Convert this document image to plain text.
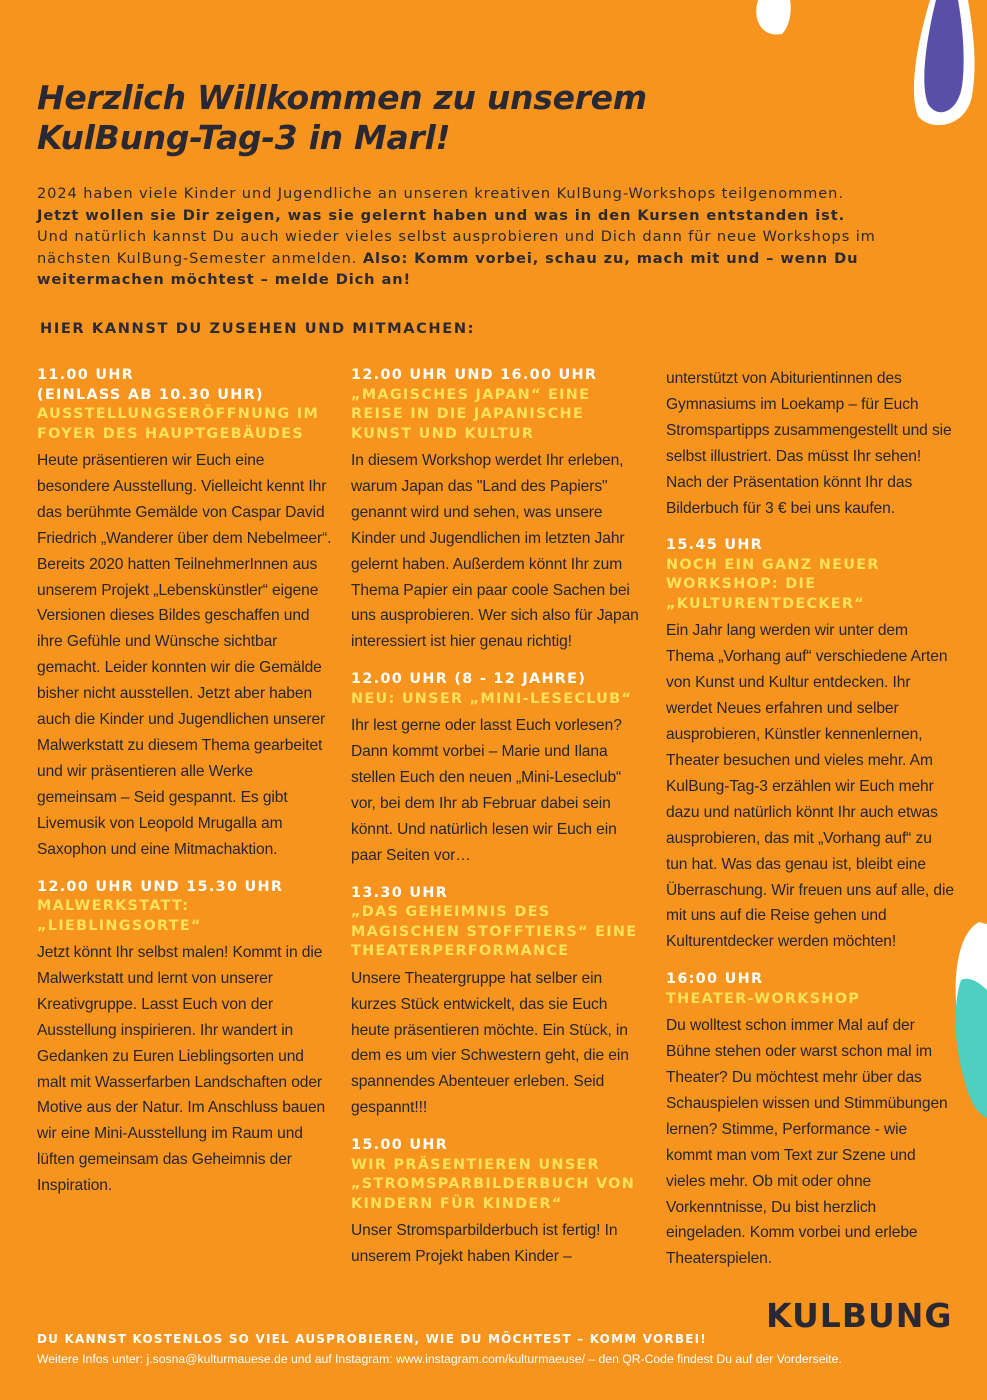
Herzlich Willkommen zu unserem
KulBung-Tag-3 in Marl!

2024 haben viele Kinder und Jugendliche an unseren kreativen KulBung-Workshops teilgenommen.

Jetzt wollen sie Dir zeigen, was sie gelernt haben und was in den Kursen entstanden ist.

Und natürlich kannst Du auch wieder vieles selbst ausprobieren und Dich dann für neue Workshops im nächsten KulBung-Semester anmelden. Also: Komm vorbei, schau zu, mach mit und – wenn Du weitermachen möchtest – melde Dich an!

HIER KANNST DU ZUSEHEN UND MITMACHEN:

11.00 UHR
(EINLASS AB 10.30 UHR)

AUSSTELLUNGSERÖFFNUNG IM FOYER DES HAUPTGEBÄUDES

Heute präsentieren wir Euch eine besondere Ausstellung. Vielleicht kennt Ihr das berühmte Gemälde von Caspar David Friedrich „Wanderer über dem Nebelmeer“. Bereits 2020 hatten TeilnehmerInnen aus unserem Projekt „Lebenskünstler“ eigene Versionen dieses Bildes geschaffen und ihre Gefühle und Wünsche sichtbar gemacht. Leider konnten wir die Gemälde bisher nicht ausstellen. Jetzt aber haben auch die Kinder und Jugendlichen unserer Malwerkstatt zu diesem Thema gearbeitet und wir präsentieren alle Werke gemeinsam – Seid gespannt. Es gibt Livemusik von Leopold Mrugalla am Saxophon und eine Mitmachaktion.

12.00 UHR UND 15.30 UHR

MALWERKSTATT: „LIEBLINGSORTE“

Jetzt könnt Ihr selbst malen! Kommt in die Malwerkstatt und lernt von unserer Kreativgruppe. Lasst Euch von der Ausstellung inspirieren. Ihr wandert in Gedanken zu Euren Lieblingsorten und malt mit Wasserfarben Landschaften oder Motive aus der Natur. Im Anschluss bauen wir eine Mini-Ausstellung im Raum und lüften gemeinsam das Geheimnis der Inspiration.

12.00 UHR UND 16.00 UHR

„MAGISCHES JAPAN“ EINE REISE IN DIE JAPANISCHE KUNST UND KULTUR

In diesem Workshop werdet Ihr erleben, warum Japan das "Land des Papiers" genannt wird und sehen, was unsere Kinder und Jugendlichen im letzten Jahr gelernt haben. Außerdem könnt Ihr zum Thema Papier ein paar coole Sachen bei uns ausprobieren. Wer sich also für Japan interessiert ist hier genau richtig!

12.00 UHR (8 - 12 JAHRE)

NEU: UNSER „MINI-LESECLUB“

Ihr lest gerne oder lasst Euch vorlesen? Dann kommt vorbei – Marie und Ilana stellen Euch den neuen „Mini-Leseclub“ vor, bei dem Ihr ab Februar dabei sein könnt. Und natürlich lesen wir Euch ein paar Seiten vor…

13.30 UHR

„DAS GEHEIMNIS DES MAGISCHEN STOFFTIERS“ EINE THEATERPERFORMANCE

Unsere Theatergruppe hat selber ein kurzes Stück entwickelt, das sie Euch heute präsentieren möchte. Ein Stück, in dem es um vier Schwestern geht, die ein spannendes Abenteuer erleben. Seid gespannt!!!

15.00 UHR

WIR PRÄSENTIEREN UNSER „STROMSPARBILDERBUCH VON KINDERN FÜR KINDER“

Unser Stromsparbilderbuch ist fertig! In unserem Projekt haben Kinder –

unterstützt von Abiturientinnen des Gymnasiums im Loekamp – für Euch Stromspartipps zusammengestellt und sie selbst illustriert. Das müsst Ihr sehen! Nach der Präsentation könnt Ihr das Bilderbuch für 3 € bei uns kaufen.

15.45 UHR

NOCH EIN GANZ NEUER WORKSHOP: DIE „KULTURENTDECKER“

Ein Jahr lang werden wir unter dem Thema „Vorhang auf“ verschiedene Arten von Kunst und Kultur entdecken. Ihr werdet Neues erfahren und selber ausprobieren, Künstler kennenlernen, Theater besuchen und vieles mehr. Am KulBung-Tag-3 erzählen wir Euch mehr dazu und natürlich könnt Ihr auch etwas ausprobieren, das mit „Vorhang auf“ zu tun hat. Was das genau ist, bleibt eine Überraschung. Wir freuen uns auf alle, die mit uns auf die Reise gehen und Kulturentdecker werden möchten!

16:00 UHR

THEATER-WORKSHOP

Du wolltest schon immer Mal auf der Bühne stehen oder warst schon mal im Theater? Du möchtest mehr über das Schauspielen wissen und Stimmübungen lernen? Stimme, Performance - wie kommt man vom Text zur Szene und vieles mehr. Ob mit oder ohne Vorkenntnisse, Du bist herzlich eingeladen. Komm vorbei und erlebe Theaterspielen.

KULBUNG

DU KANNST KOSTENLOS SO VIEL AUSPROBIEREN, WIE DU MÖCHTEST – KOMM VORBEI!

Weitere Infos unter: j.sosna@kulturmauese.de und auf Instagram: www.instagram.com/kulturmaeuse/ – den QR-Code findest Du auf der Vorderseite.
